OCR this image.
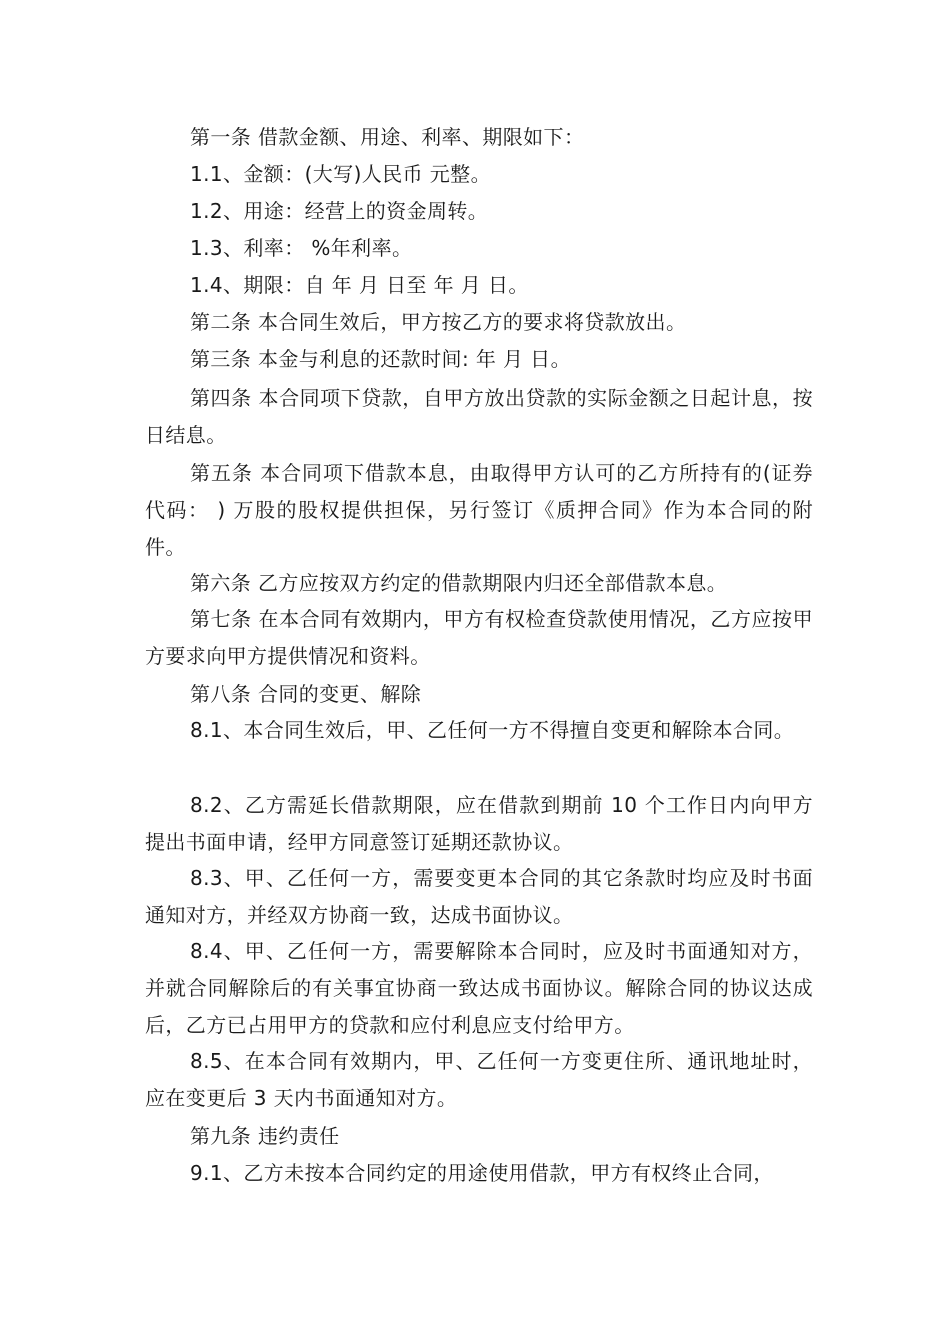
第一条 借款金额、用途、利率、期限如下：

1.1、金额：(大写)人民币 元整。

1.2、用途：经营上的资金周转。

1.3、利率： %年利率。

1.4、期限：自 年 月 日至 年 月 日。

第二条 本合同生效后，甲方按乙方的要求将贷款放出。

第三条 本金与利息的还款时间: 年 月 日。

第四条 本合同项下贷款，自甲方放出贷款的实际金额之日起计息，按日结息。

第五条 本合同项下借款本息，由取得甲方认可的乙方所持有的(证券代码： ) 万股的股权提供担保，另行签订《质押合同》作为本合同的附件。

第六条 乙方应按双方约定的借款期限内归还全部借款本息。

第七条 在本合同有效期内，甲方有权检查贷款使用情况，乙方应按甲方要求向甲方提供情况和资料。

第八条 合同的变更、解除

8.1、本合同生效后，甲、乙任何一方不得擅自变更和解除本合同。

8.2、乙方需延长借款期限，应在借款到期前 10 个工作日内向甲方提出书面申请，经甲方同意签订延期还款协议。

8.3、甲、乙任何一方，需要变更本合同的其它条款时均应及时书面通知对方，并经双方协商一致，达成书面协议。

8.4、甲、乙任何一方，需要解除本合同时，应及时书面通知对方，并就合同解除后的有关事宜协商一致达成书面协议。解除合同的协议达成后，乙方已占用甲方的贷款和应付利息应支付给甲方。

8.5、在本合同有效期内，甲、乙任何一方变更住所、通讯地址时，应在变更后 3 天内书面通知对方。

第九条 违约责任

9.1、乙方未按本合同约定的用途使用借款，甲方有权终止合同，
